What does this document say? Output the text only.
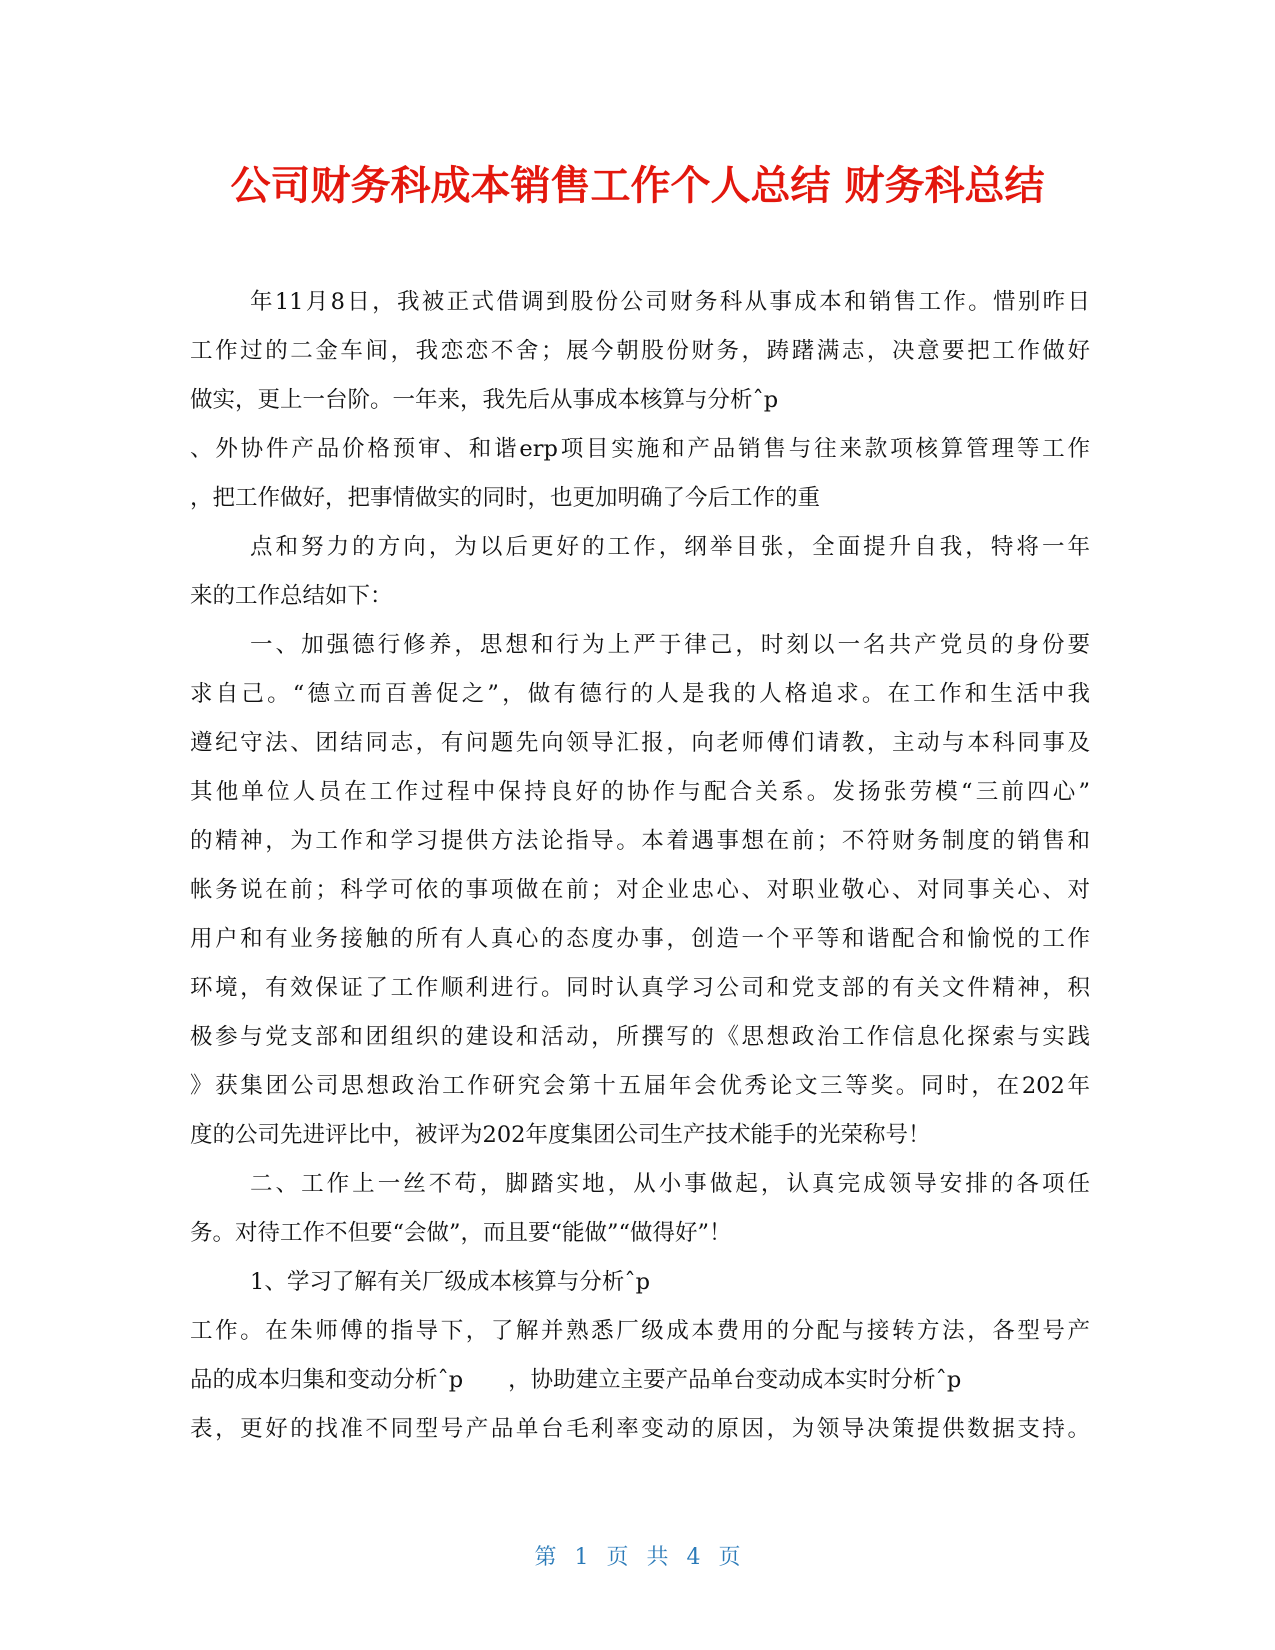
公司财务科成本销售工作个人总结 财务科总结
年11月8日，我被正式借调到股份公司财务科从事成本和销售工作。惜别昨日
工作过的二金车间，我恋恋不舍；展今朝股份财务，踌躇满志，决意要把工作做好
做实，更上一台阶。一年来，我先后从事成本核算与分析ˆp
、外协件产品价格预审、和谐erp项目实施和产品销售与往来款项核算管理等工作
，把工作做好，把事情做实的同时，也更加明确了今后工作的重
点和努力的方向，为以后更好的工作，纲举目张，全面提升自我，特将一年
来的工作总结如下：
一、加强德行修养，思想和行为上严于律己，时刻以一名共产党员的身份要
求自己。“德立而百善促之”，做有德行的人是我的人格追求。在工作和生活中我
遵纪守法、团结同志，有问题先向领导汇报，向老师傅们请教，主动与本科同事及
其他单位人员在工作过程中保持良好的协作与配合关系。发扬张劳模“三前四心”
的精神，为工作和学习提供方法论指导。本着遇事想在前；不符财务制度的销售和
帐务说在前；科学可依的事项做在前；对企业忠心、对职业敬心、对同事关心、对
用户和有业务接触的所有人真心的态度办事，创造一个平等和谐配合和愉悦的工作
环境，有效保证了工作顺利进行。同时认真学习公司和党支部的有关文件精神，积
极参与党支部和团组织的建设和活动，所撰写的《思想政治工作信息化探索与实践
》获集团公司思想政治工作研究会第十五届年会优秀论文三等奖。同时，在202年
度的公司先进评比中，被评为202年度集团公司生产技术能手的光荣称号！
二、工作上一丝不苟，脚踏实地，从小事做起，认真完成领导安排的各项任
务。对待工作不但要“会做”，而且要“能做”“做得好”！
1、学习了解有关厂级成本核算与分析ˆp
工作。在朱师傅的指导下，了解并熟悉厂级成本费用的分配与接转方法，各型号产
品的成本归集和变动分析ˆp　　，协助建立主要产品单台变动成本实时分析ˆp
表，更好的找准不同型号产品单台毛利率变动的原因，为领导决策提供数据支持。
第 1 页 共 4 页
